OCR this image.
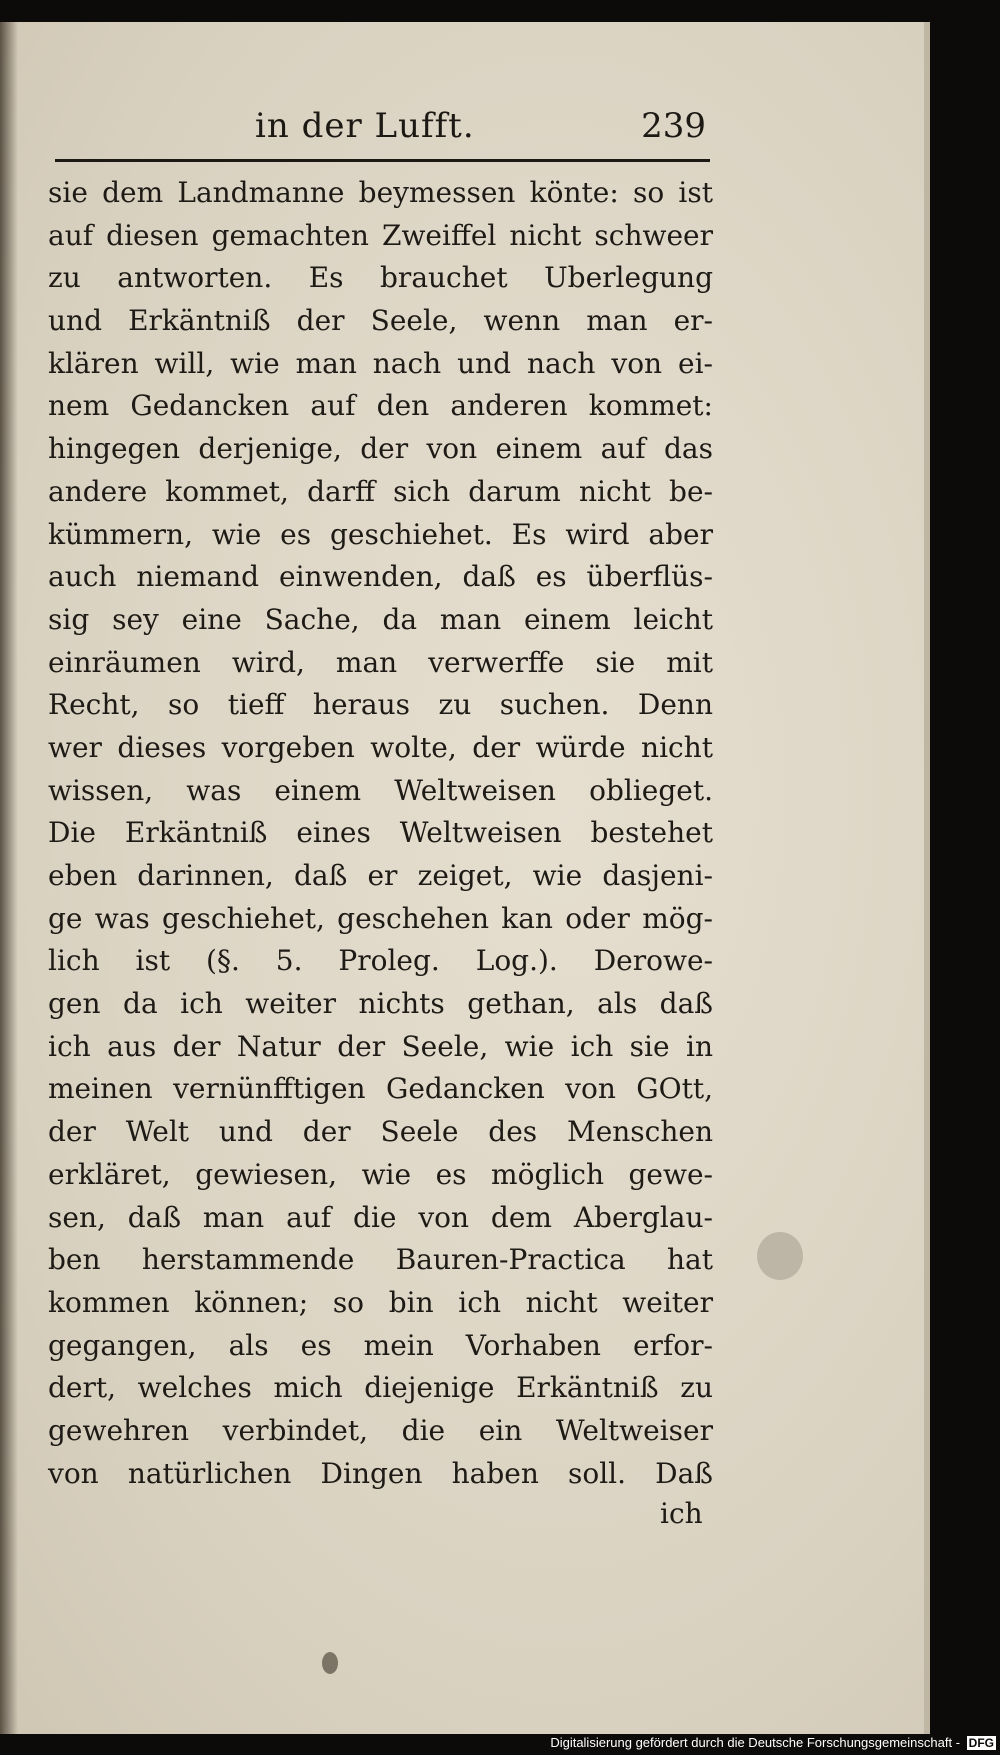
in der Lufft.	239
sie dem Landmanne beymessen könte: so ist
auf diesen gemachten Zweiffel nicht schweer
zu antworten. Es brauchet Uberlegung
und Erkäntniß der Seele, wenn man er-
klären will, wie man nach und nach von ei-
nem Gedancken auf den anderen kommet:
hingegen derjenige, der von einem auf das
andere kommet, darff sich darum nicht be-
kümmern, wie es geschiehet. Es wird aber
auch niemand einwenden, daß es überflüs-
sig sey eine Sache, da man einem leicht
einräumen wird, man verwerffe sie mit
Recht, so tieff heraus zu suchen. Denn
wer dieses vorgeben wolte, der würde nicht
wissen, was einem Weltweisen oblieget.
Die Erkäntniß eines Weltweisen bestehet
eben darinnen, daß er zeiget, wie dasjeni-
ge was geschiehet, geschehen kan oder mög-
lich ist (§. 5. Proleg. Log.). Derowe-
gen da ich weiter nichts gethan, als daß
ich aus der Natur der Seele, wie ich sie in
meinen vernünfftigen Gedancken von GOtt,
der Welt und der Seele des Menschen
erkläret, gewiesen, wie es möglich gewe-
sen, daß man auf die von dem Aberglau-
ben herstammende Bauren-Practica hat
kommen können; so bin ich nicht weiter
gegangen, als es mein Vorhaben erfor-
dert, welches mich diejenige Erkäntniß zu
gewehren verbindet, die ein Weltweiser
von natürlichen Dingen haben soll. Daß
ich
Digitalisierung gefördert durch die Deutsche Forschungsgemeinschaft - DFG
